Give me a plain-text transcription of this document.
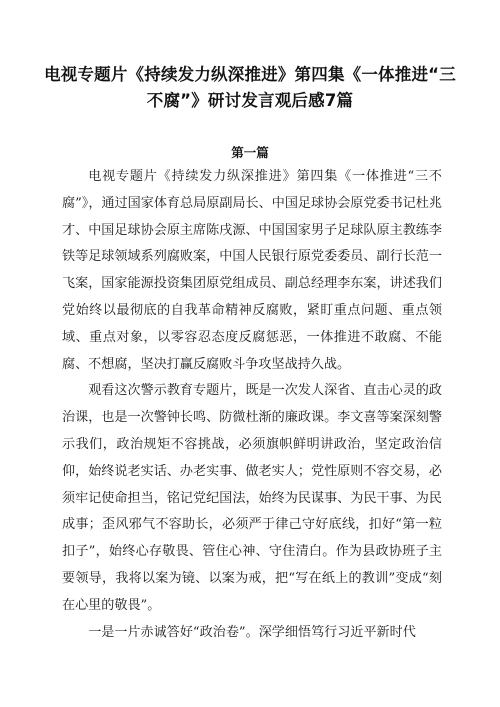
电视专题片《持续发力纵深推进》第四集《一体推进“三不腐”》研讨发言观后感7篇
第一篇

电视专题片《持续发力纵深推进》第四集《一体推进“三不腐”》，通过国家体育总局原副局长、中国足球协会原党委书记杜兆才、中国足球协会原主席陈戌源、中国国家男子足球队原主教练李铁等足球领域系列腐败案，中国人民银行原党委委员、副行长范一飞案，国家能源投资集团原党组成员、副总经理李东案，讲述我们党始终以最彻底的自我革命精神反腐败，紧盯重点问题、重点领域、重点对象，以零容忍态度反腐惩恶，一体推进不敢腐、不能腐、不想腐，坚决打赢反腐败斗争攻坚战持久战。

观看这次警示教育专题片，既是一次发人深省、直击心灵的政治课，也是一次警钟长鸣、防微杜渐的廉政课。李文喜等案深刻警示我们，政治规矩不容挑战，必须旗帜鲜明讲政治，坚定政治信仰，始终说老实话、办老实事、做老实人；党性原则不容交易，必须牢记使命担当，铭记党纪国法，始终为民谋事、为民干事、为民成事；歪风邪气不容助长，必须严于律己守好底线，扣好“第一粒扣子”，始终心存敬畏、管住心神、守住清白。作为县政协班子主要领导，我将以案为镜、以案为戒，把“写在纸上的教训”变成“刻在心里的敬畏”。

一是一片赤诚答好“政治卷”。深学细悟笃行习近平新时代
